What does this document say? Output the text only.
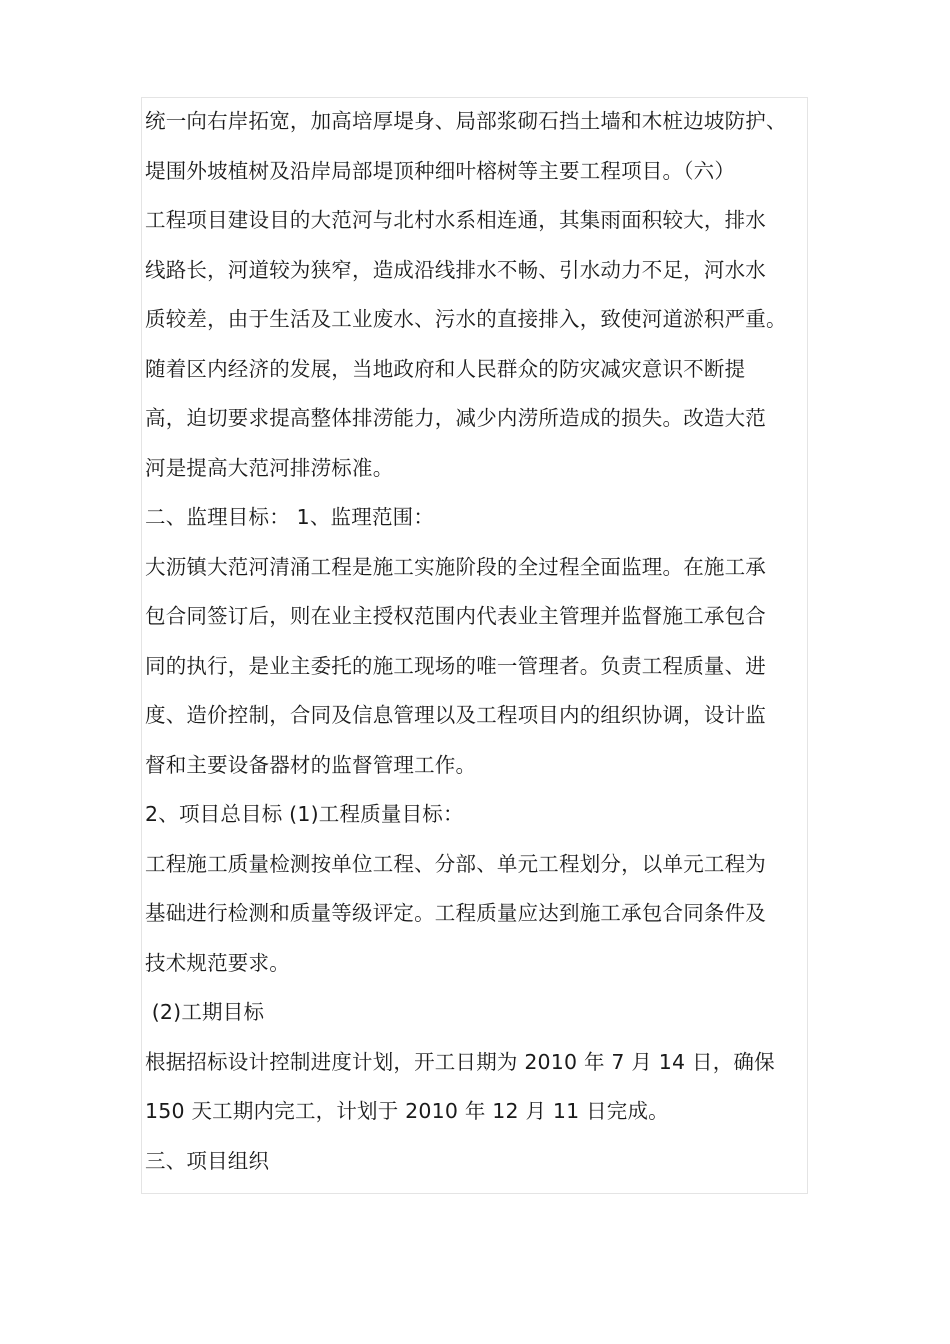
统一向右岸拓宽，加高培厚堤身、局部浆砌石挡土墙和木桩边坡防护、
堤围外坡植树及沿岸局部堤顶种细叶榕树等主要工程项目。（六）
工程项目建设目的大范河与北村水系相连通，其集雨面积较大，排水
线路长，河道较为狭窄，造成沿线排水不畅、引水动力不足，河水水
质较差，由于生活及工业废水、污水的直接排入，致使河道淤积严重。
随着区内经济的发展，当地政府和人民群众的防灾减灾意识不断提
高，迫切要求提高整体排涝能力，减少内涝所造成的损失。改造大范
河是提高大范河排涝标准。
二、监理目标： 1、监理范围：
大沥镇大范河清涌工程是施工实施阶段的全过程全面监理。在施工承
包合同签订后，则在业主授权范围内代表业主管理并监督施工承包合
同的执行，是业主委托的施工现场的唯一管理者。负责工程质量、进
度、造价控制，合同及信息管理以及工程项目内的组织协调，设计监
督和主要设备器材的监督管理工作。
2、项目总目标 (1)工程质量目标：
工程施工质量检测按单位工程、分部、单元工程划分，以单元工程为
基础进行检测和质量等级评定。工程质量应达到施工承包合同条件及
技术规范要求。
(2)工期目标
根据招标设计控制进度计划，开工日期为 2010 年 7 月 14 日，确保
150 天工期内完工，计划于 2010 年 12 月 11 日完成。
三、项目组织
